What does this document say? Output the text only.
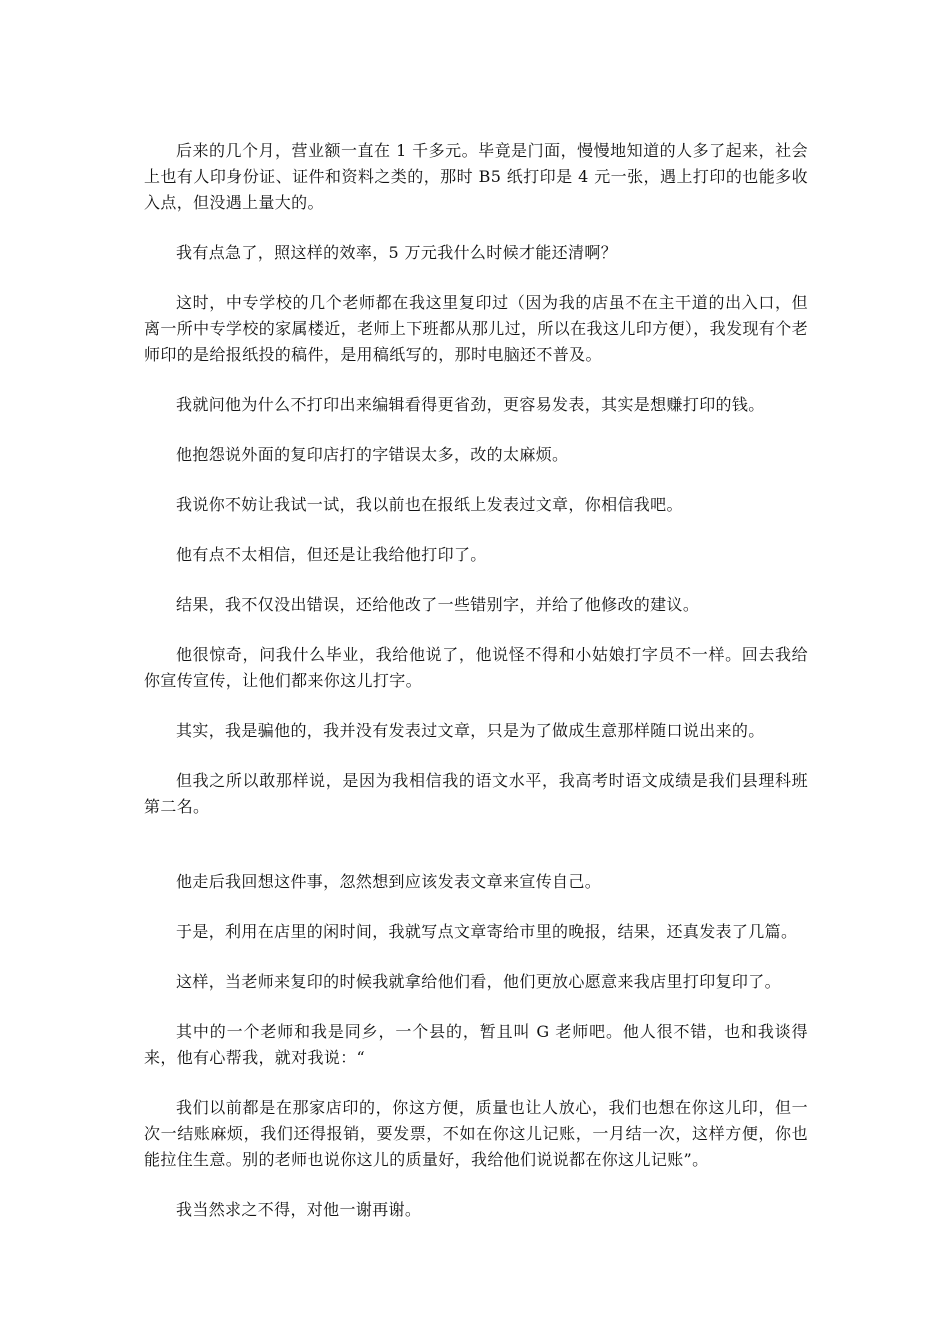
后来的几个月，营业额一直在 1 千多元。毕竟是门面，慢慢地知道的人多了起来，社会上也有人印身份证、证件和资料之类的，那时 B5 纸打印是 4 元一张，遇上打印的也能多收入点，但没遇上量大的。

我有点急了，照这样的效率，5 万元我什么时候才能还清啊？

这时，中专学校的几个老师都在我这里复印过（因为我的店虽不在主干道的出入口，但离一所中专学校的家属楼近，老师上下班都从那儿过，所以在我这儿印方便），我发现有个老师印的是给报纸投的稿件，是用稿纸写的，那时电脑还不普及。

我就问他为什么不打印出来编辑看得更省劲，更容易发表，其实是想赚打印的钱。

他抱怨说外面的复印店打的字错误太多，改的太麻烦。

我说你不妨让我试一试，我以前也在报纸上发表过文章，你相信我吧。

他有点不太相信，但还是让我给他打印了。

结果，我不仅没出错误，还给他改了一些错别字，并给了他修改的建议。

他很惊奇，问我什么毕业，我给他说了，他说怪不得和小姑娘打字员不一样。回去我给你宣传宣传，让他们都来你这儿打字。

其实，我是骗他的，我并没有发表过文章，只是为了做成生意那样随口说出来的。

但我之所以敢那样说，是因为我相信我的语文水平，我高考时语文成绩是我们县理科班第二名。

他走后我回想这件事，忽然想到应该发表文章来宣传自己。

于是，利用在店里的闲时间，我就写点文章寄给市里的晚报，结果，还真发表了几篇。

这样，当老师来复印的时候我就拿给他们看，他们更放心愿意来我店里打印复印了。

其中的一个老师和我是同乡，一个县的，暂且叫 G 老师吧。他人很不错，也和我谈得来，他有心帮我，就对我说：“

我们以前都是在那家店印的，你这方便，质量也让人放心，我们也想在你这儿印，但一次一结账麻烦，我们还得报销，要发票，不如在你这儿记账，一月结一次，这样方便，你也能拉住生意。别的老师也说你这儿的质量好，我给他们说说都在你这儿记账”。

我当然求之不得，对他一谢再谢。
